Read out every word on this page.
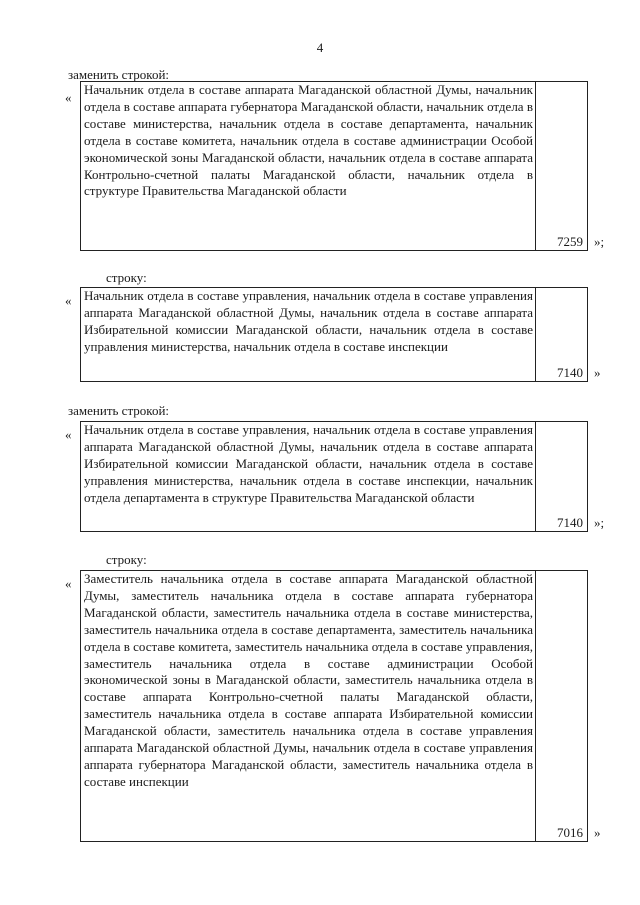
4
заменить строкой:
«
Начальник отдела в составе аппарата Магаданской областной Думы, начальник отдела в составе аппарата губернатора Магаданской области, начальник отдела в составе министерства, начальник отдела в составе департамента, начальник отдела в составе комитета, начальник отдела в составе администрации Особой экономической зоны Магаданской области, начальник отдела в составе аппарата Контрольно-счетной палаты Магаданской области, начальник отдела в структуре Правительства Магаданской области
7259 »;
строку:
« Начальник отдела в составе управления, начальник отдела в составе управления аппарата Магаданской областной Думы, начальник отдела в составе аппарата Избирательной комиссии Магаданской области, начальник отдела в составе управления министерства, начальник отдела в составе инспекции
7140 »
заменить строкой:
« Начальник отдела в составе управления, начальник отдела в составе управления аппарата Магаданской областной Думы, начальник отдела в составе аппарата Избирательной комиссии Магаданской области, начальник отдела в составе управления министерства, начальник отдела в составе инспекции, начальник отдела департамента в структуре Правительства Магаданской области
7140 »;
строку:
« Заместитель начальника отдела в составе аппарата Магаданской областной Думы, заместитель начальника отдела в составе аппарата губернатора Магаданской области, заместитель начальника отдела в составе министерства, заместитель начальника отдела в составе департамента, заместитель начальника отдела в составе комитета, заместитель начальника отдела в составе управления, заместитель начальника отдела в составе администрации Особой экономической зоны в Магаданской области, заместитель начальника отдела в составе аппарата Контрольно-счетной палаты Магаданской области, заместитель начальника отдела в составе аппарата Избирательной комиссии Магаданской области, заместитель начальника отдела в составе управления аппарата Магаданской областной Думы, начальник отдела в составе управления аппарата губернатора Магаданской области, заместитель начальника отдела в составе инспекции
7016 »
